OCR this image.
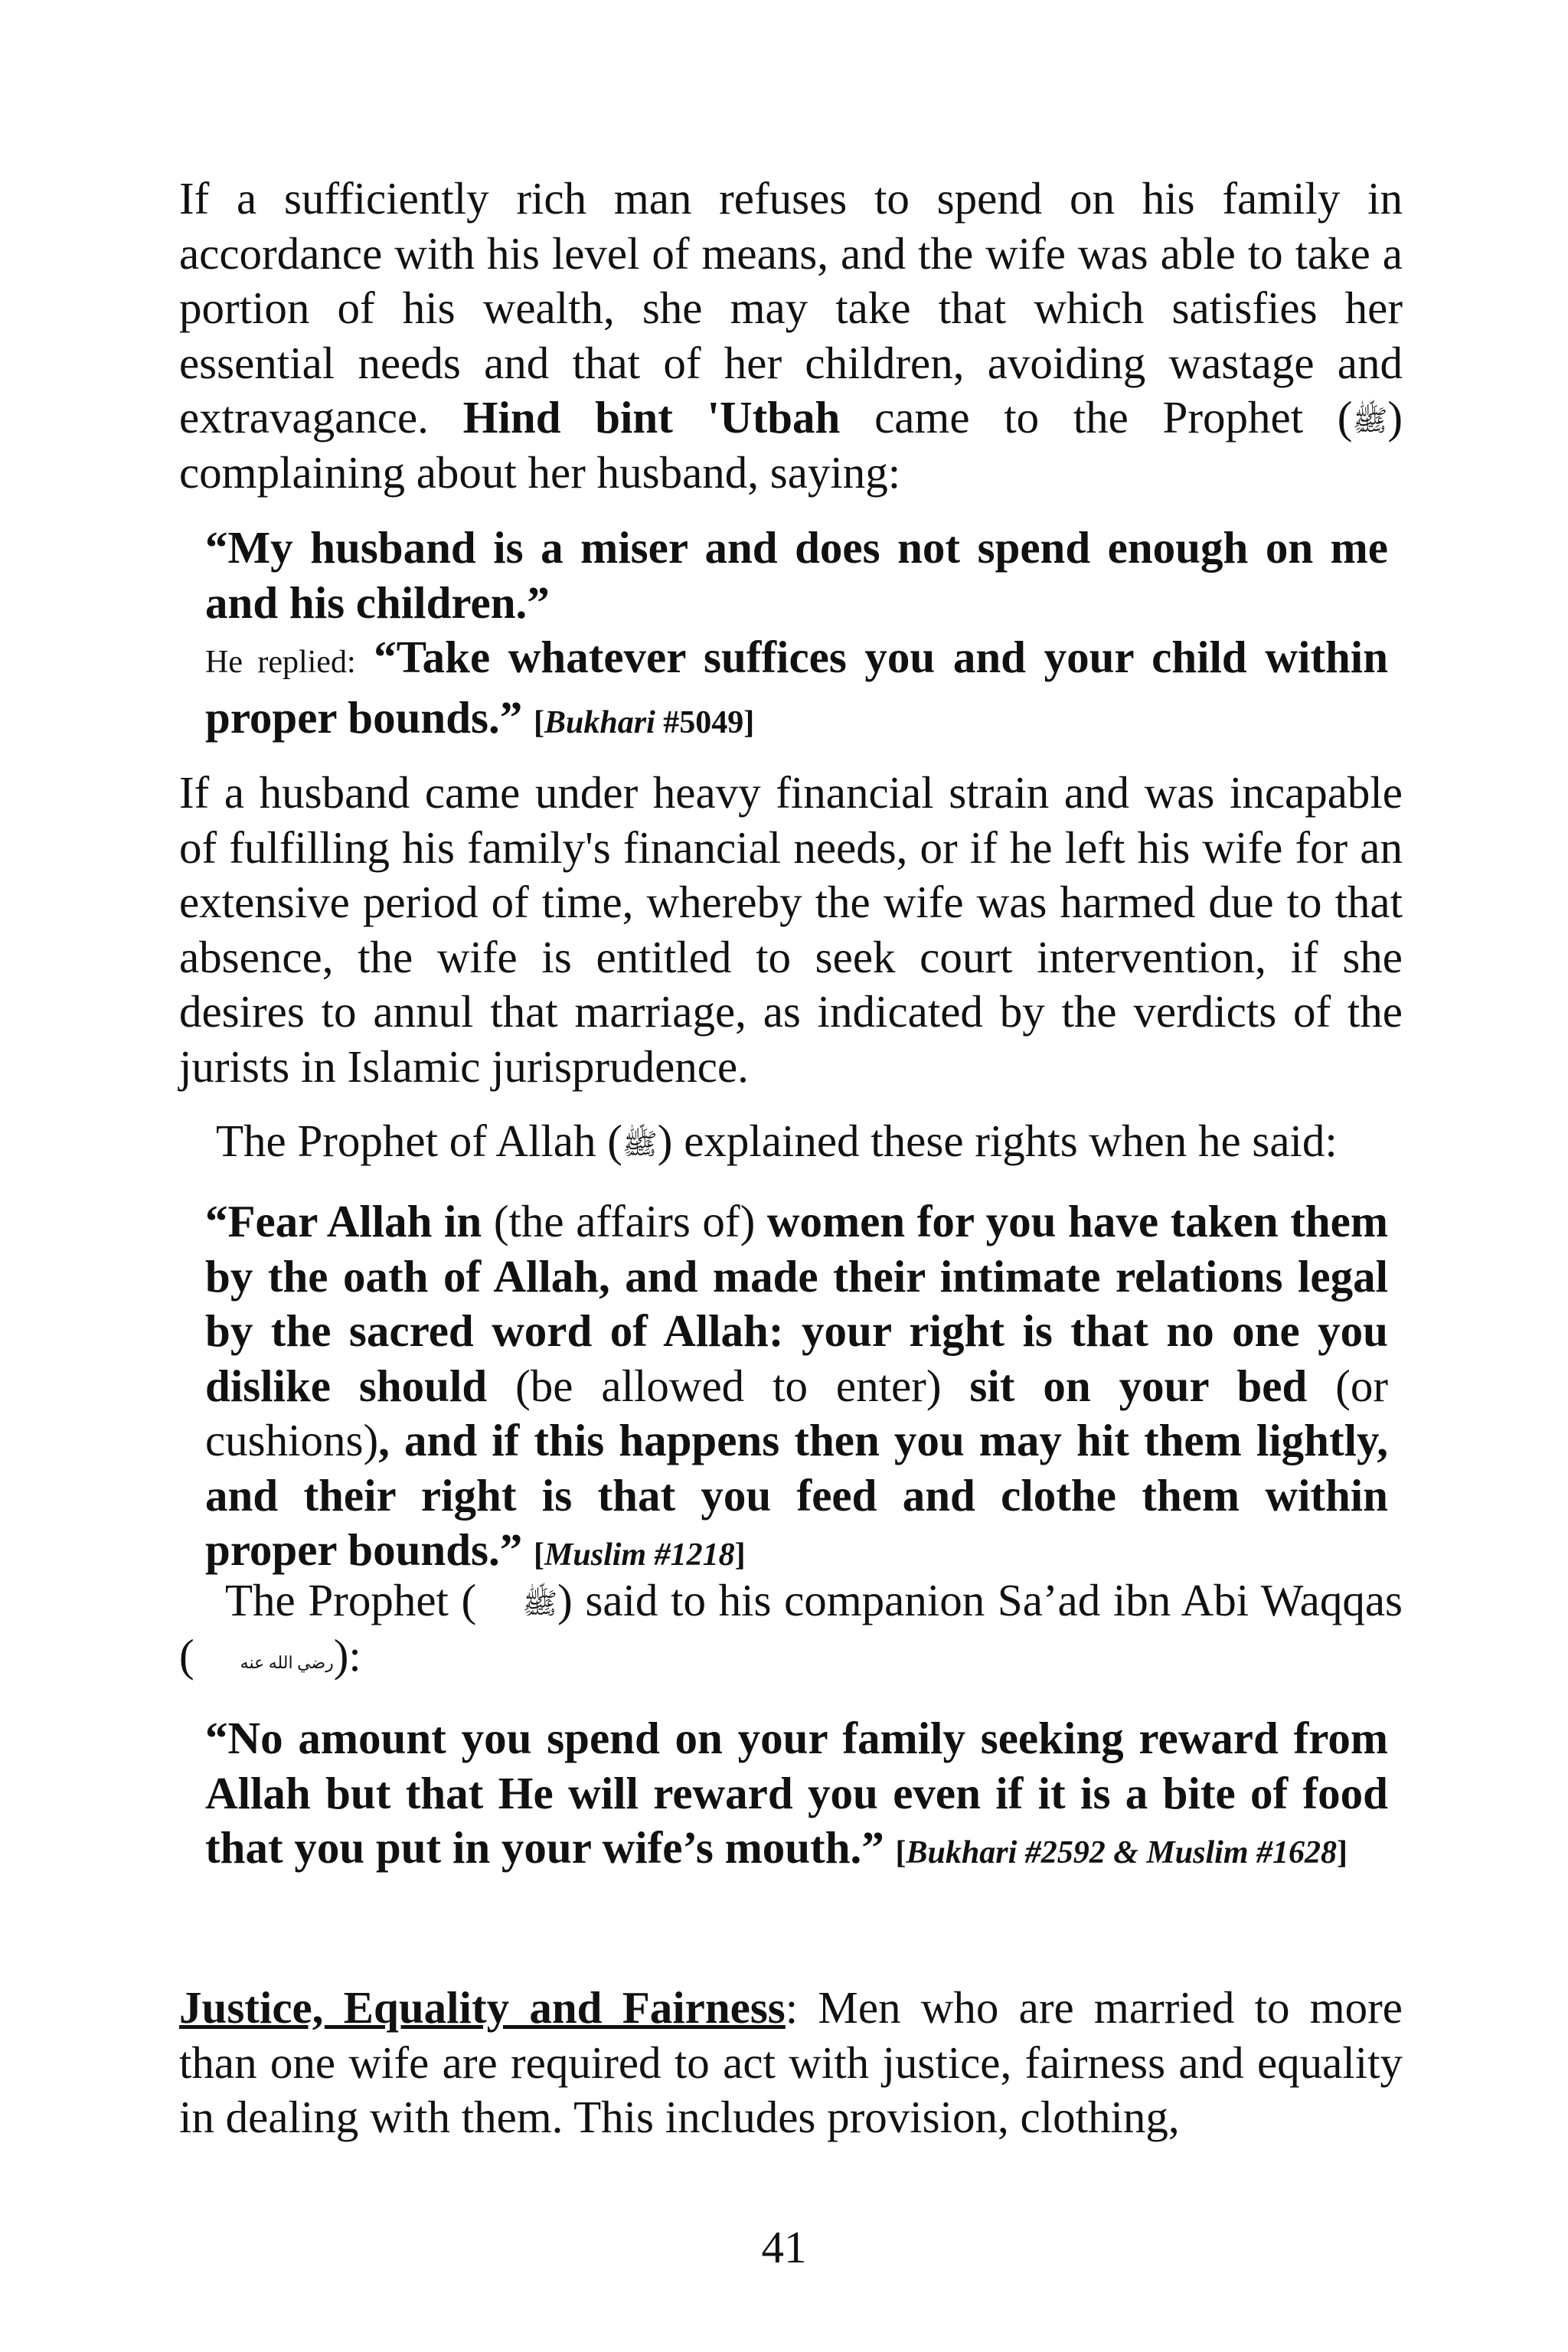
If a sufficiently rich man refuses to spend on his family in accordance with his level of means, and the wife was able to take a portion of his wealth, she may take that which satisfies her essential needs and that of her children, avoiding wastage and extravagance. Hind bint 'Utbah came to the Prophet (ﷺ) complaining about her husband, saying:

“My husband is a miser and does not spend enough on me and his children.”
He replied: “Take whatever suffices you and your child within proper bounds.” [Bukhari #5049]

If a husband came under heavy financial strain and was incapable of fulfilling his family's financial needs, or if he left his wife for an extensive period of time, whereby the wife was harmed due to that absence, the wife is entitled to seek court intervention, if she desires to annul that marriage, as indicated by the verdicts of the jurists in Islamic jurisprudence.

The Prophet of Allah (ﷺ) explained these rights when he said:

“Fear Allah in (the affairs of) women for you have taken them by the oath of Allah, and made their intimate relations legal by the sacred word of Allah: your right is that no one you dislike should (be allowed to enter) sit on your bed (or cushions), and if this happens then you may hit them lightly, and their right is that you feed and clothe them within proper bounds.” [Muslim #1218]

The Prophet ( ﷺ) said to his companion Sa’ad ibn Abi Waqqas (	رضي الله عنه):

“No amount you spend on your family seeking reward from Allah but that He will reward you even if it is a bite of food that you put in your wife’s mouth.” [Bukhari #2592 & Muslim #1628]

Justice, Equality and Fairness: Men who are married to more than one wife are required to act with justice, fairness and equality in dealing with them. This includes provision, clothing,

41
